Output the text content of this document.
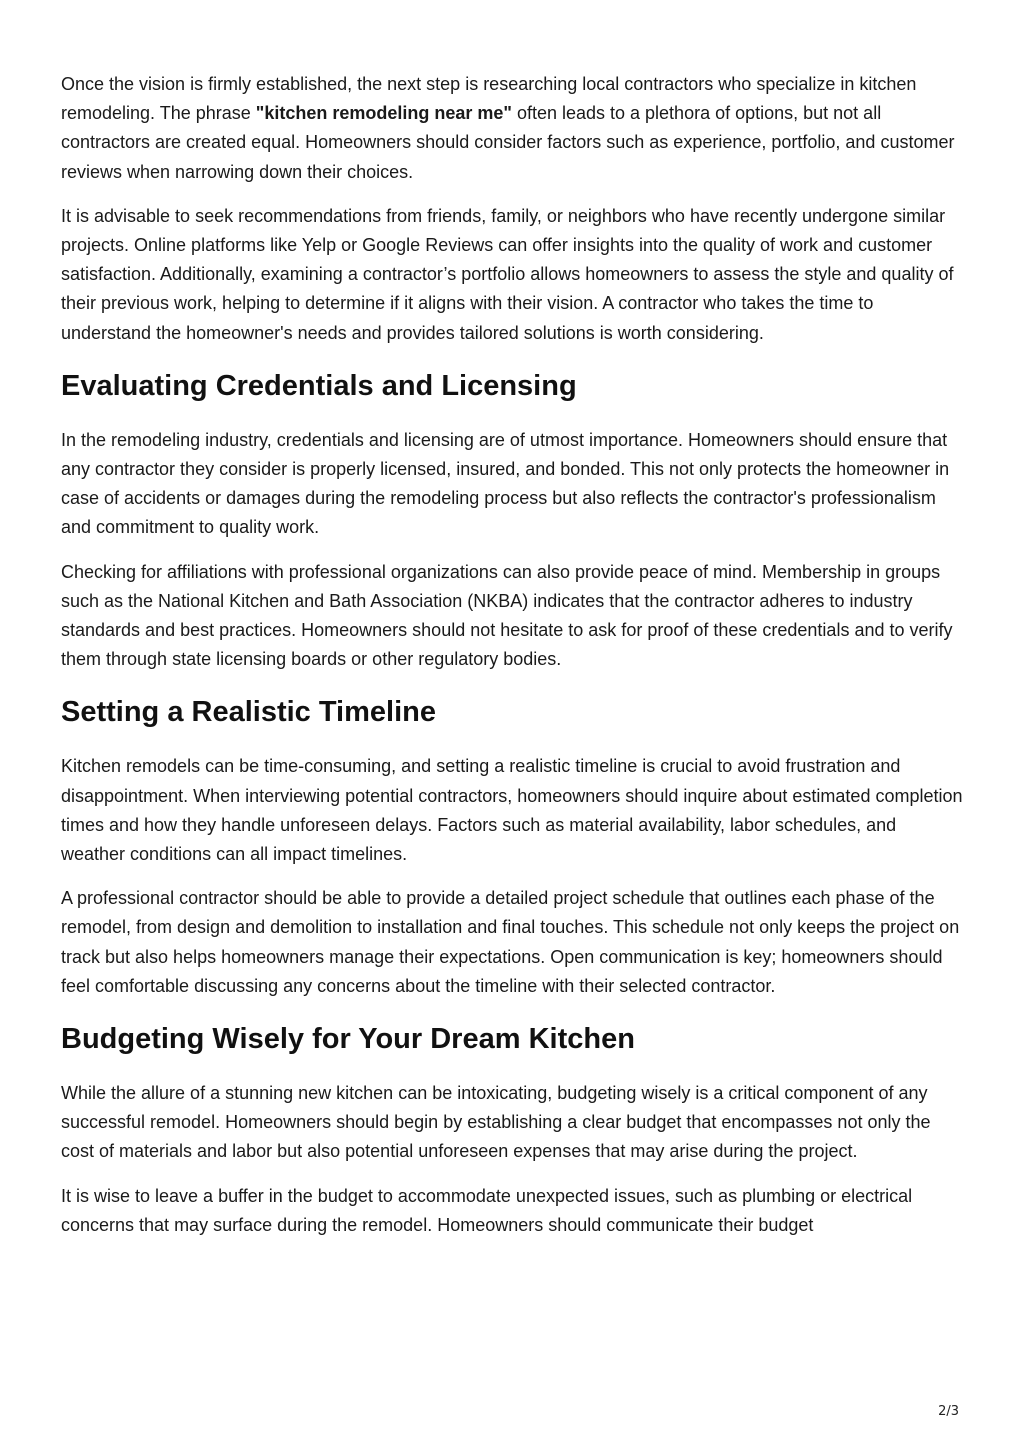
Once the vision is firmly established, the next step is researching local contractors who specialize in kitchen remodeling. The phrase "kitchen remodeling near me" often leads to a plethora of options, but not all contractors are created equal. Homeowners should consider factors such as experience, portfolio, and customer reviews when narrowing down their choices.

It is advisable to seek recommendations from friends, family, or neighbors who have recently undergone similar projects. Online platforms like Yelp or Google Reviews can offer insights into the quality of work and customer satisfaction. Additionally, examining a contractor’s portfolio allows homeowners to assess the style and quality of their previous work, helping to determine if it aligns with their vision. A contractor who takes the time to understand the homeowner's needs and provides tailored solutions is worth considering.

Evaluating Credentials and Licensing

In the remodeling industry, credentials and licensing are of utmost importance. Homeowners should ensure that any contractor they consider is properly licensed, insured, and bonded. This not only protects the homeowner in case of accidents or damages during the remodeling process but also reflects the contractor's professionalism and commitment to quality work.

Checking for affiliations with professional organizations can also provide peace of mind. Membership in groups such as the National Kitchen and Bath Association (NKBA) indicates that the contractor adheres to industry standards and best practices. Homeowners should not hesitate to ask for proof of these credentials and to verify them through state licensing boards or other regulatory bodies.

Setting a Realistic Timeline

Kitchen remodels can be time-consuming, and setting a realistic timeline is crucial to avoid frustration and disappointment. When interviewing potential contractors, homeowners should inquire about estimated completion times and how they handle unforeseen delays. Factors such as material availability, labor schedules, and weather conditions can all impact timelines.

A professional contractor should be able to provide a detailed project schedule that outlines each phase of the remodel, from design and demolition to installation and final touches. This schedule not only keeps the project on track but also helps homeowners manage their expectations. Open communication is key; homeowners should feel comfortable discussing any concerns about the timeline with their selected contractor.

Budgeting Wisely for Your Dream Kitchen

While the allure of a stunning new kitchen can be intoxicating, budgeting wisely is a critical component of any successful remodel. Homeowners should begin by establishing a clear budget that encompasses not only the cost of materials and labor but also potential unforeseen expenses that may arise during the project.

It is wise to leave a buffer in the budget to accommodate unexpected issues, such as plumbing or electrical concerns that may surface during the remodel. Homeowners should communicate their budget

2/3
